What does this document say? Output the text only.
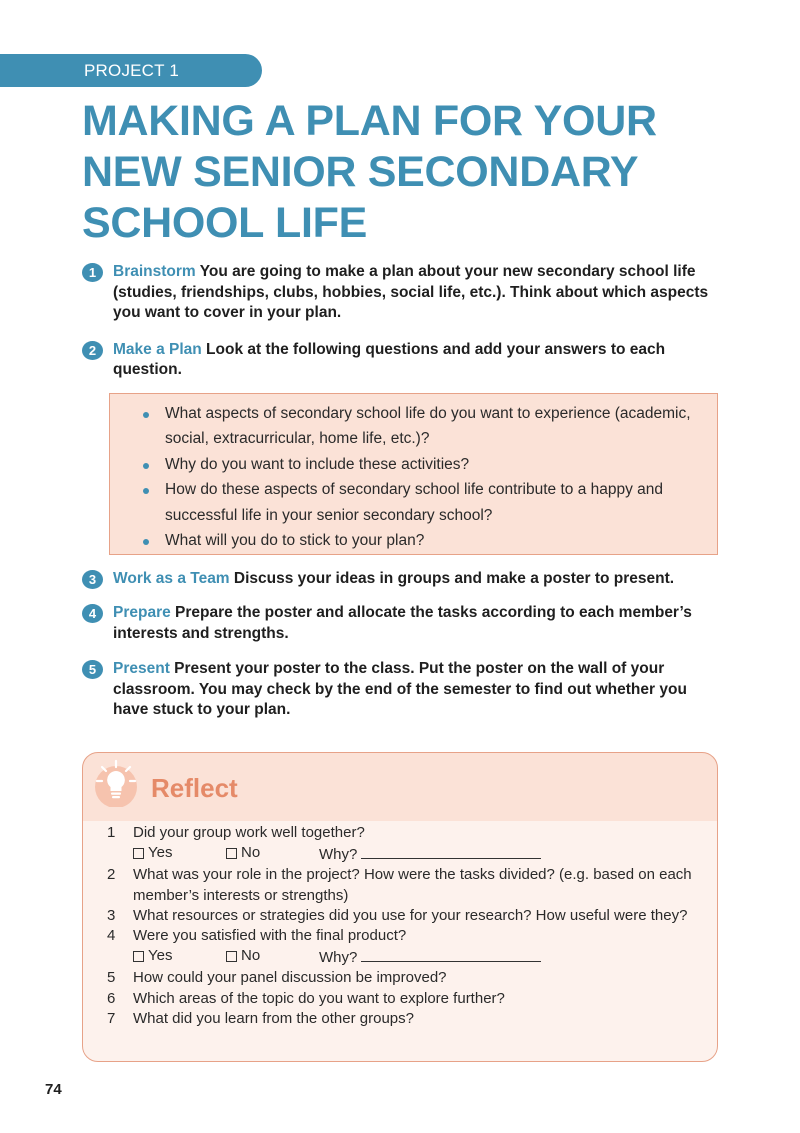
PROJECT 1
MAKING A PLAN FOR YOUR NEW SENIOR SECONDARY SCHOOL LIFE
1	Brainstorm You are going to make a plan about your new secondary school life (studies, friendships, clubs, hobbies, social life, etc.). Think about which aspects you want to cover in your plan.
2	Make a Plan Look at the following questions and add your answers to each question.
What aspects of secondary school life do you want to experience (academic, social, extracurricular, home life, etc.)?
Why do you want to include these activities?
How do these aspects of secondary school life contribute to a happy and successful life in your senior secondary school?
What will you do to stick to your plan?
3	Work as a Team Discuss your ideas in groups and make a poster to present.
4	Prepare Prepare the poster and allocate the tasks according to each member’s interests and strengths.
5	Present Present your poster to the class. Put the poster on the wall of your classroom. You may check by the end of the semester to find out whether you have stuck to your plan.
Reflect
1 Did your group work well together?
Yes	No	Why?
2 What was your role in the project? How were the tasks divided? (e.g. based on each member’s interests or strengths)
3 What resources or strategies did you use for your research? How useful were they?
4 Were you satisfied with the final product?
Yes	No	Why?
5 How could your panel discussion be improved?
6 Which areas of the topic do you want to explore further?
7 What did you learn from the other groups?
74
